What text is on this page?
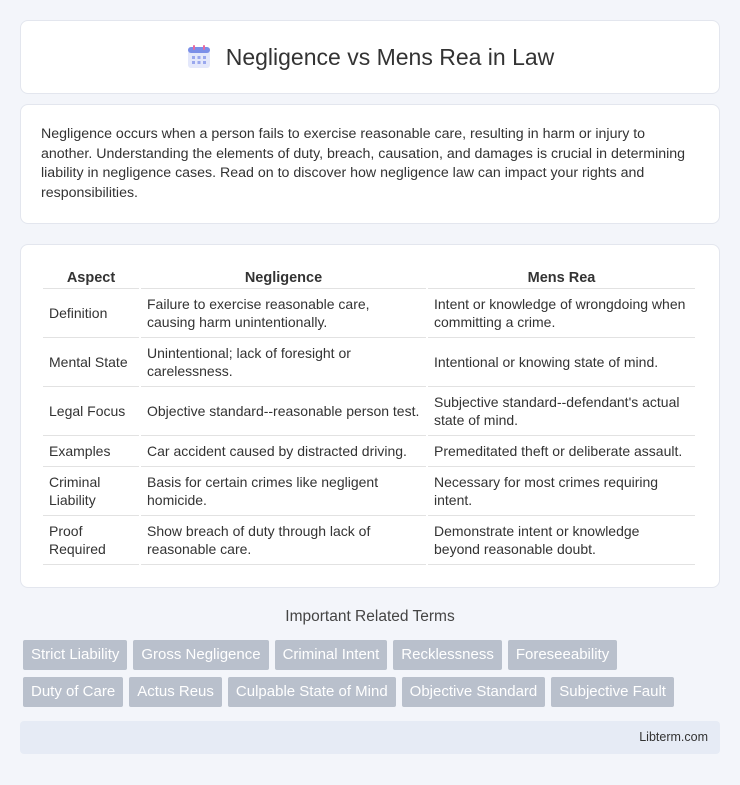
Negligence vs Mens Rea in Law

Negligence occurs when a person fails to exercise reasonable care, resulting in harm or injury to another. Understanding the elements of duty, breach, causation, and damages is crucial in determining liability in negligence cases. Read on to discover how negligence law can impact your rights and responsibilities.

Aspect	Negligence	Mens Rea
Definition	Failure to exercise reasonable care, causing harm unintentionally.	Intent or knowledge of wrongdoing when committing a crime.
Mental State	Unintentional; lack of foresight or carelessness.	Intentional or knowing state of mind.
Legal Focus	Objective standard--reasonable person test.	Subjective standard--defendant's actual state of mind.
Examples	Car accident caused by distracted driving.	Premeditated theft or deliberate assault.
Criminal Liability	Basis for certain crimes like negligent homicide.	Necessary for most crimes requiring intent.
Proof Required	Show breach of duty through lack of reasonable care.	Demonstrate intent or knowledge beyond reasonable doubt.
Important Related Terms
Strict Liability	Gross Negligence	Criminal Intent	Recklessness	Foreseeability
Duty of Care	Actus Reus	Culpable State of Mind	Objective Standard	Subjective Fault
Libterm.com
